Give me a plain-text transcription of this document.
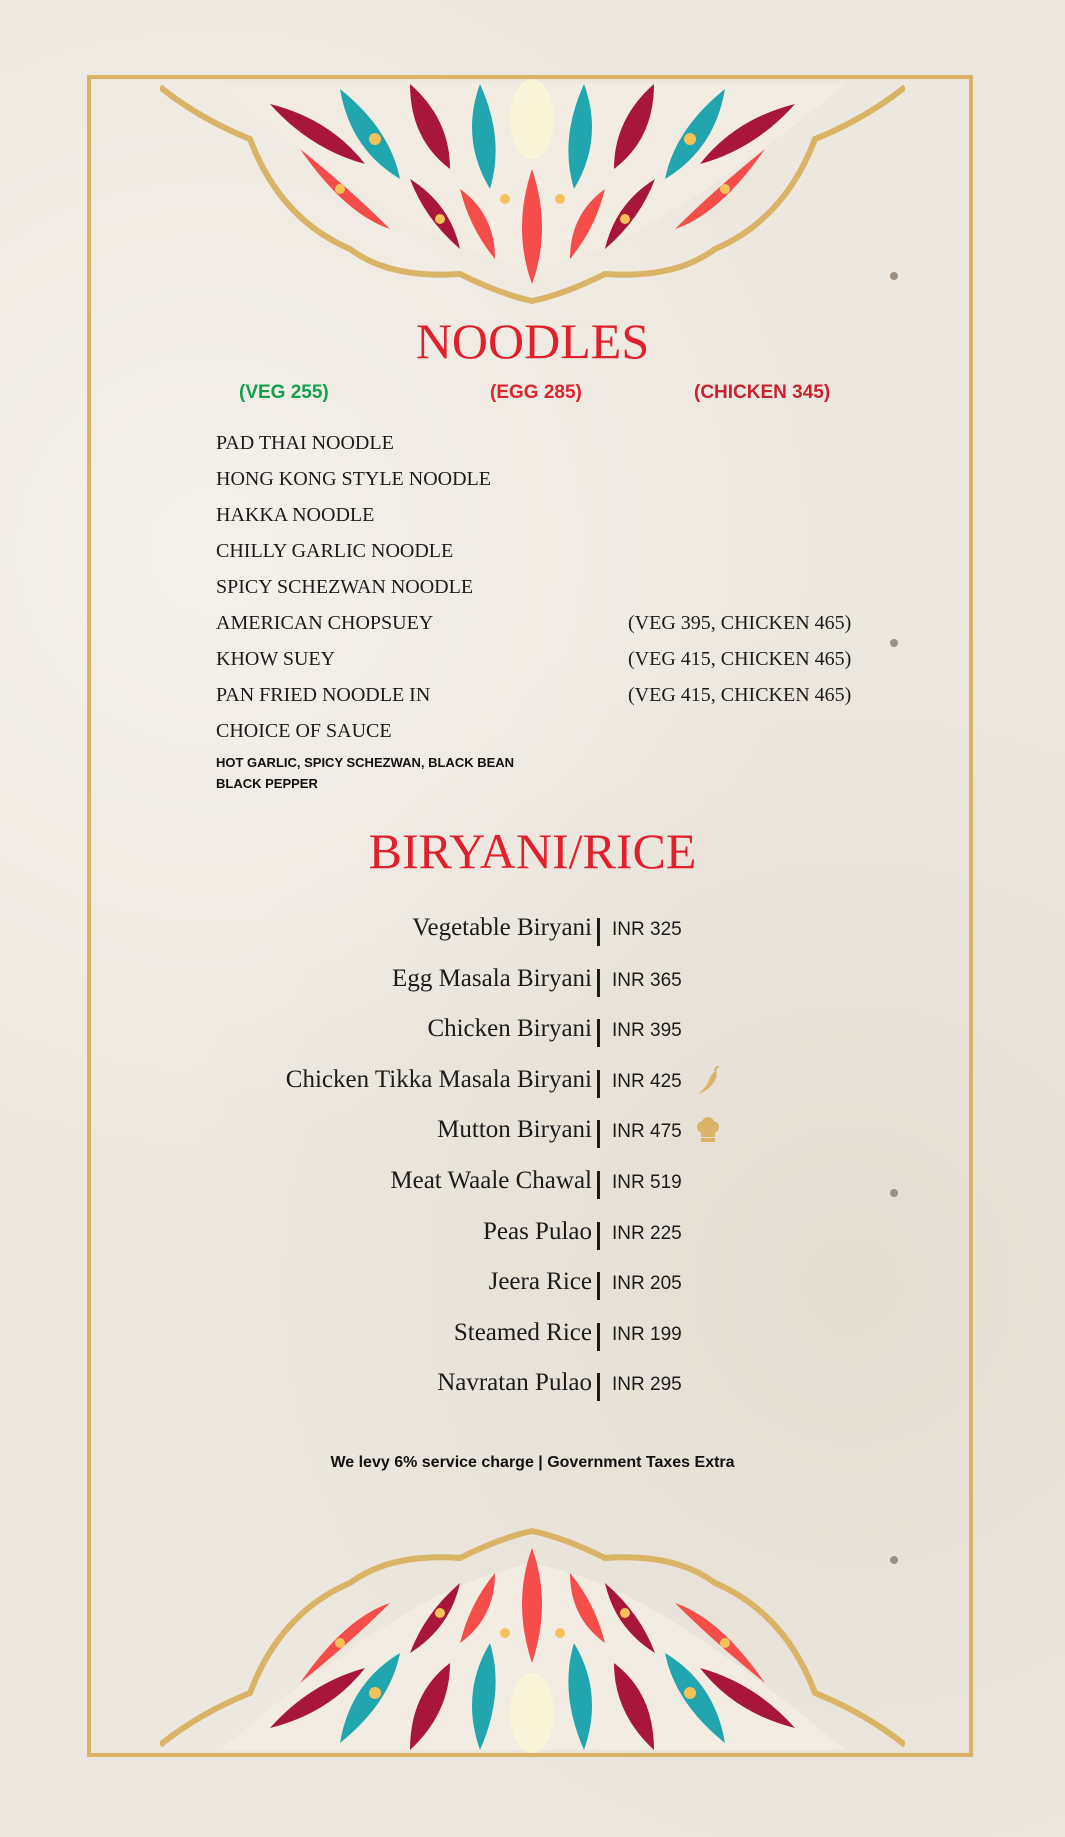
NOODLES
(VEG 255)	(EGG 285)	(CHICKEN 345)
PAD THAI NOODLE
HONG KONG STYLE NOODLE
HAKKA NOODLE
CHILLY GARLIC NOODLE
SPICY SCHEZWAN NOODLE
AMERICAN CHOPSUEY	(VEG 395, CHICKEN 465)
KHOW SUEY	(VEG 415, CHICKEN 465)
PAN FRIED NOODLE IN	(VEG 415, CHICKEN 465)
CHOICE OF SAUCE
HOT GARLIC, SPICY SCHEZWAN, BLACK BEAN
BLACK PEPPER
BIRYANI/RICE
Vegetable Biryani INR 325
Egg Masala Biryani INR 365
Chicken Biryani INR 395
Chicken Tikka Masala Biryani INR 425
Mutton Biryani INR 475
Meat Waale Chawal INR 519
Peas Pulao INR 225
Jeera Rice INR 205
Steamed Rice INR 199
Navratan Pulao INR 295
We levy 6% service charge | Government Taxes Extra
